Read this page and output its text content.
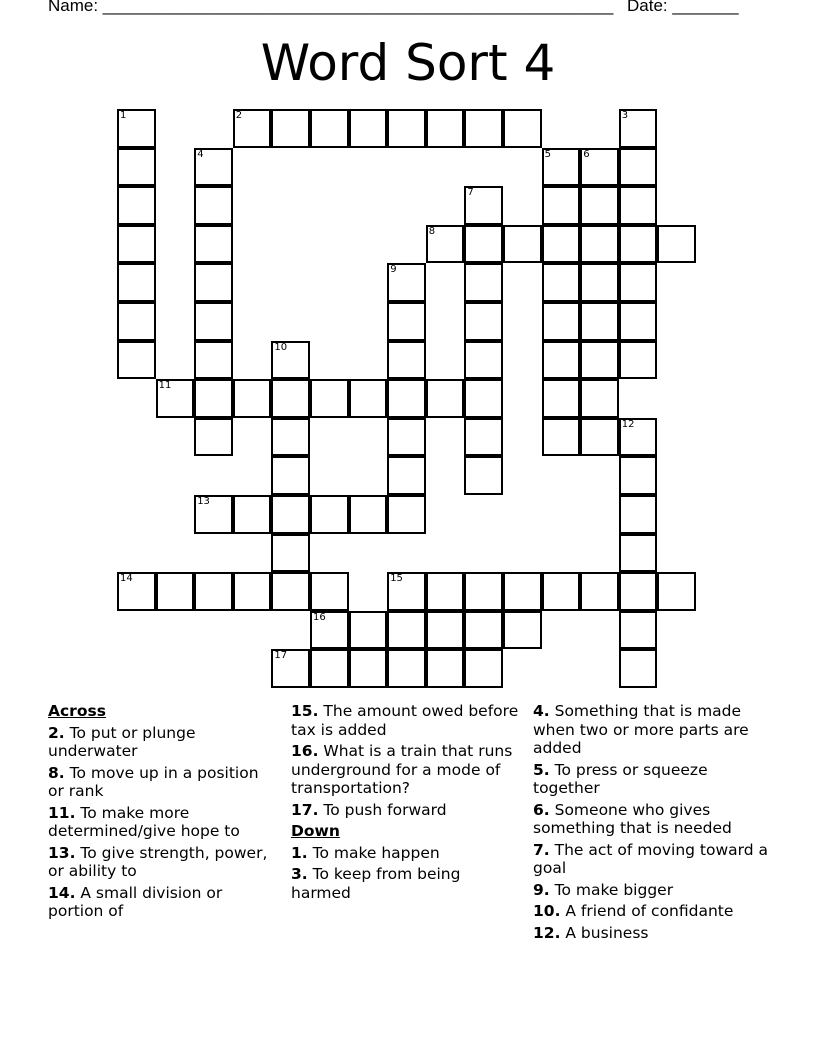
Name: ______________________________________________________ Date: _______
Word Sort 4
1	2	3
4	5	6
7
8
9
10
11
12
13
14	15
16
17
Across
2. To put or plunge underwater
8. To move up in a position or rank
11. To make more determined/give hope to
13. To give strength, power, or ability to
14. A small division or portion of
15. The amount owed before tax is added
16. What is a train that runs underground for a mode of transportation?
17. To push forward
Down
1. To make happen
3. To keep from being harmed
4. Something that is made when two or more parts are added
5. To press or squeeze together
6. Someone who gives something that is needed
7. The act of moving toward a goal
9. To make bigger
10. A friend of confidante
12. A business
